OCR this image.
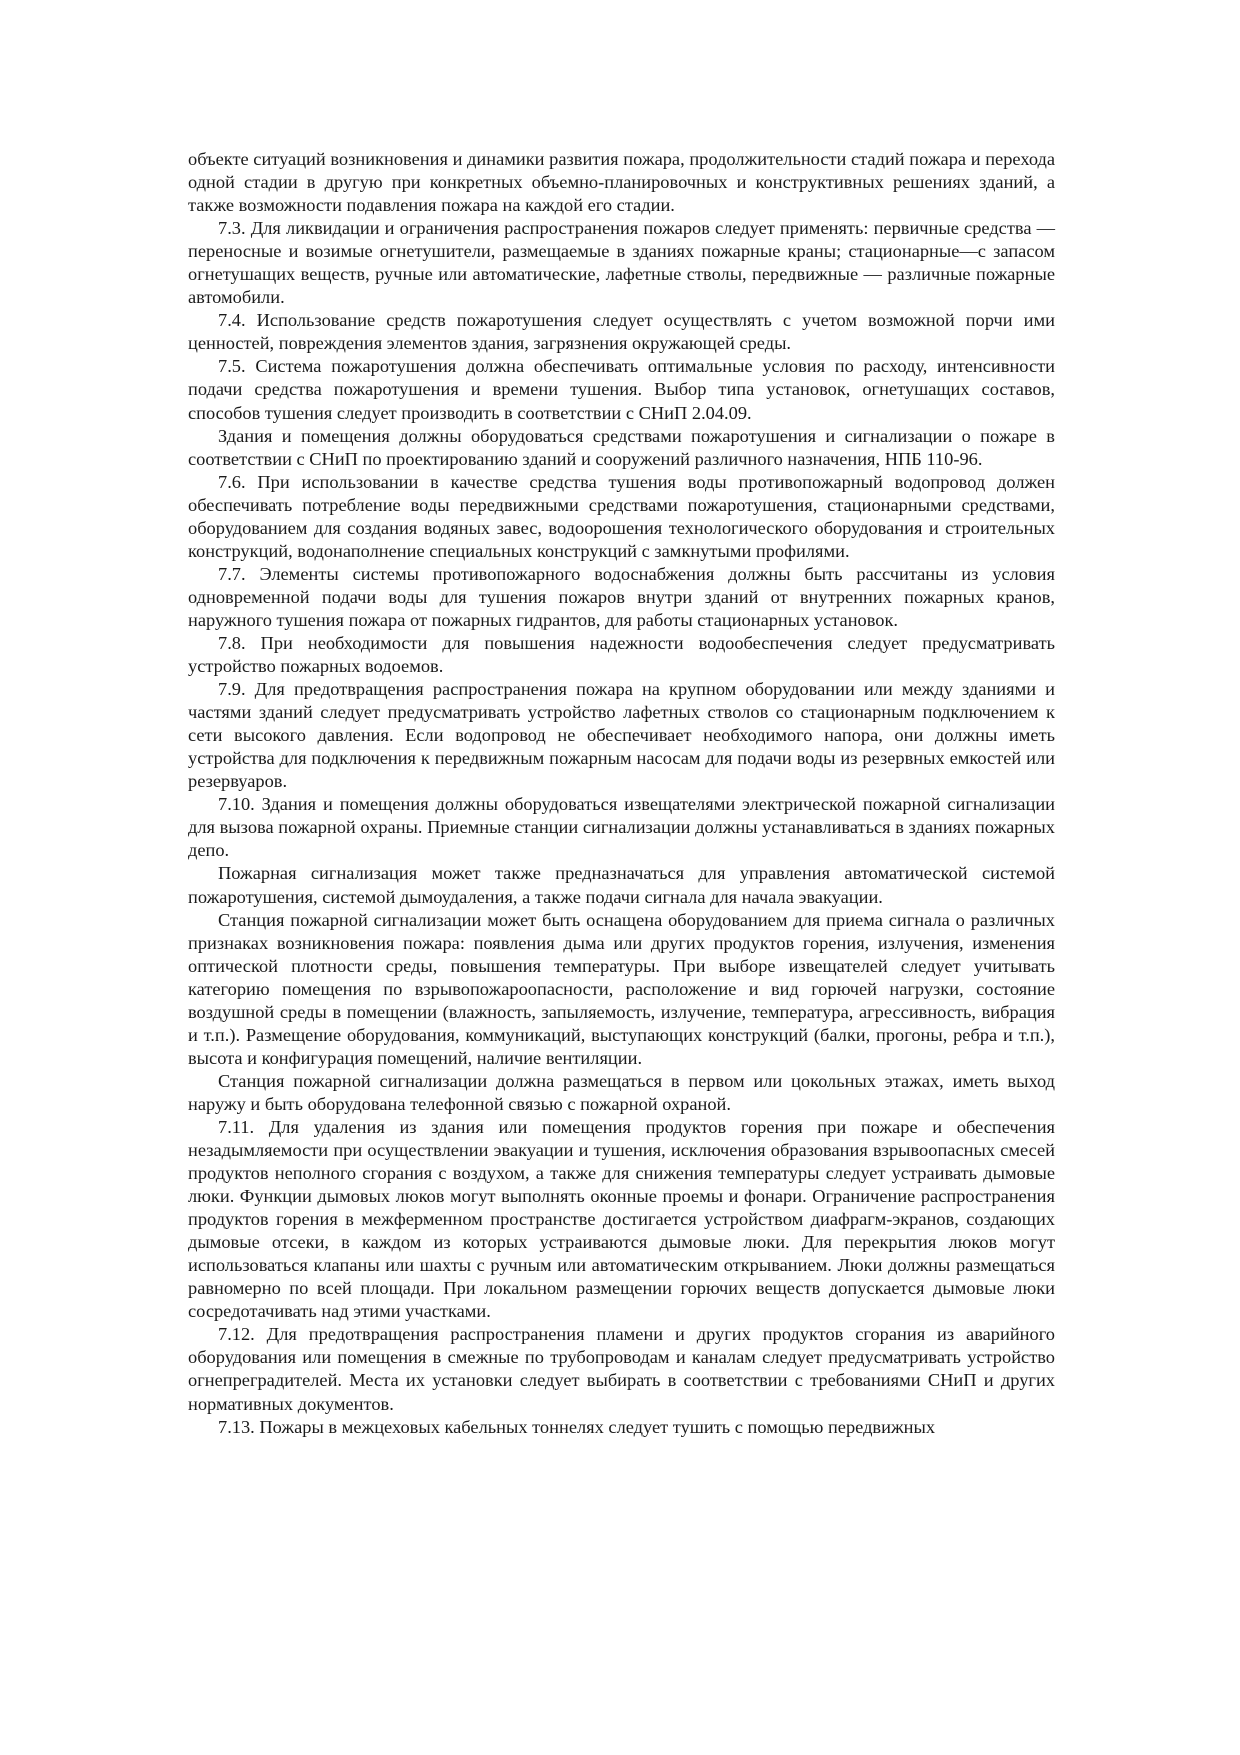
объекте ситуаций возникновения и динамики развития пожара, продолжительности стадий пожара и перехода одной стадии в другую при конкретных объемно-планировочных и конструктивных решениях зданий, а также возможности подавления пожара на каждой его стадии.

7.3. Для ликвидации и ограничения распространения пожаров следует применять: первичные средства — переносные и возимые огнетушители, размещаемые в зданиях пожарные краны; стационарные—с запасом огнетушащих веществ, ручные или автоматические, лафетные стволы, передвижные — различные пожарные автомобили.

7.4. Использование средств пожаротушения следует осуществлять с учетом возможной порчи ими ценностей, повреждения элементов здания, загрязнения окружающей среды.

7.5. Система пожаротушения должна обеспечивать оптимальные условия по расходу, интенсивности подачи средства пожаротушения и времени тушения. Выбор типа установок, огнетушащих составов, способов тушения следует производить в соответствии с СНиП 2.04.09.

Здания и помещения должны оборудоваться средствами пожаротушения и сигнализации о пожаре в соответствии с СНиП по проектированию зданий и сооружений различного назначения, НПБ 110-96.

7.6. При использовании в качестве средства тушения воды противопожарный водопровод должен обеспечивать потребление воды передвижными средствами пожаротушения, стационарными средствами, оборудованием для создания водяных завес, водоорошения технологического оборудования и строительных конструкций, водонаполнение специальных конструкций с замкнутыми профилями.

7.7. Элементы системы противопожарного водоснабжения должны быть рассчитаны из условия одновременной подачи воды для тушения пожаров внутри зданий от внутренних пожарных кранов, наружного тушения пожара от пожарных гидрантов, для работы стационарных установок.

7.8. При необходимости для повышения надежности водообеспечения следует предусматривать устройство пожарных водоемов.

7.9. Для предотвращения распространения пожара на крупном оборудовании или между зданиями и частями зданий следует предусматривать устройство лафетных стволов со стационарным подключением к сети высокого давления. Если водопровод не обеспечивает необходимого напора, они должны иметь устройства для подключения к передвижным пожарным насосам для подачи воды из резервных емкостей или резервуаров.

7.10. Здания и помещения должны оборудоваться извещателями электрической пожарной сигнализации для вызова пожарной охраны. Приемные станции сигнализации должны устанавливаться в зданиях пожарных депо.

Пожарная сигнализация может также предназначаться для управления автоматической системой пожаротушения, системой дымоудаления, а также подачи сигнала для начала эвакуации.

Станция пожарной сигнализации может быть оснащена оборудованием для приема сигнала о различных признаках возникновения пожара: появления дыма или других продуктов горения, излучения, изменения оптической плотности среды, повышения температуры. При выборе извещателей следует учитывать категорию помещения по взрывопожароопасности, расположение и вид горючей нагрузки, состояние воздушной среды в помещении (влажность, запыляемость, излучение, температура, агрессивность, вибрация и т.п.). Размещение оборудования, коммуникаций, выступающих конструкций (балки, прогоны, ребра и т.п.), высота и конфигурация помещений, наличие вентиляции.

Станция пожарной сигнализации должна размещаться в первом или цокольных этажах, иметь выход наружу и быть оборудована телефонной связью с пожарной охраной.

7.11. Для удаления из здания или помещения продуктов горения при пожаре и обеспечения незадымляемости при осуществлении эвакуации и тушения, исключения образования взрывоопасных смесей продуктов неполного сгорания с воздухом, а также для снижения температуры следует устраивать дымовые люки. Функции дымовых люков могут выполнять оконные проемы и фонари. Ограничение распространения продуктов горения в межферменном пространстве достигается устройством диафрагм-экранов, создающих дымовые отсеки, в каждом из которых устраиваются дымовые люки. Для перекрытия люков могут использоваться клапаны или шахты с ручным или автоматическим открыванием. Люки должны размещаться равномерно по всей площади. При локальном размещении горючих веществ допускается дымовые люки сосредотачивать над этими участками.

7.12. Для предотвращения распространения пламени и других продуктов сгорания из аварийного оборудования или помещения в смежные по трубопроводам и каналам следует предусматривать устройство огнепреградителей. Места их установки следует выбирать в соответствии с требованиями СНиП и других нормативных документов.

7.13. Пожары в межцеховых кабельных тоннелях следует тушить с помощью передвижных
